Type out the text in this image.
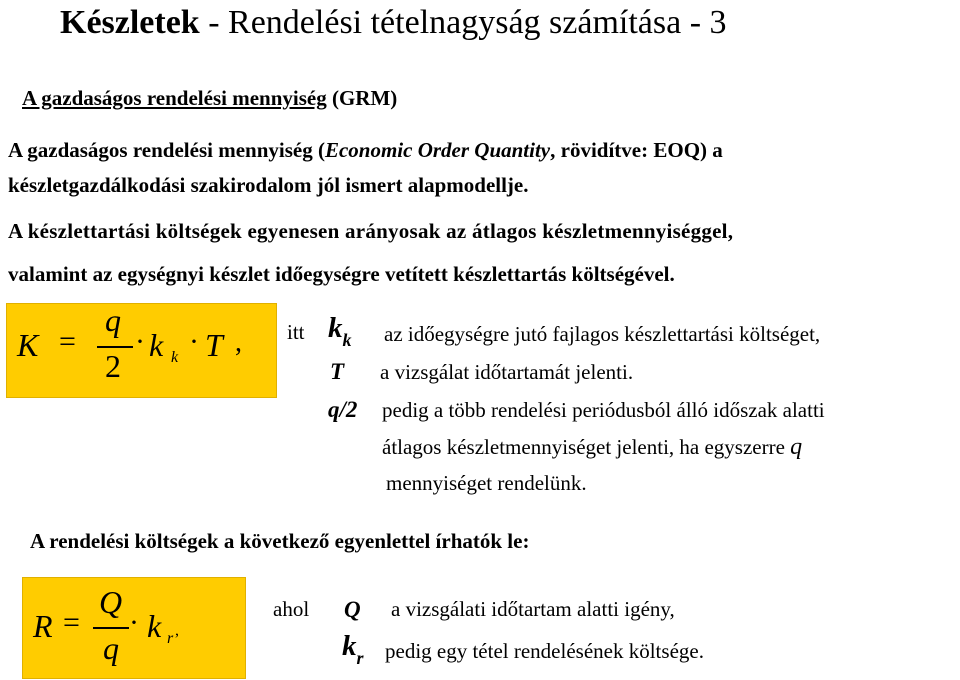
Készletek - Rendelési tételnagyság számítása - 3
A gazdaságos rendelési mennyiség (GRM)
A gazdaságos rendelési mennyiség (Economic Order Quantity, rövidítve: EOQ) a
készletgazdálkodási szakirodalom jól ismert alapmodellje.
A készlettartási költségek egyenesen arányosak az átlagos készletmennyiséggel,
valamint az egységnyi készlet időegységre vetített készlettartás költségével.
K =
q
2
· k k · T , itt $k_k$ az időegységre jutó fajlagos készlettartási költséget,
T a vizsgálat időtartamát jelenti.
q/2 pedig a több rendelési periódusból álló időszak alatti
átlagos készletmennyiséget jelenti, ha egyszerre q
mennyiséget rendelünk.
A rendelési költségek a következő egyenlettel írhatók le:
R =
Q
q
· k r ,
ahol Q a vizsgálati időtartam alatti igény,
$k_r$ pedig egy tétel rendelésének költsége.
